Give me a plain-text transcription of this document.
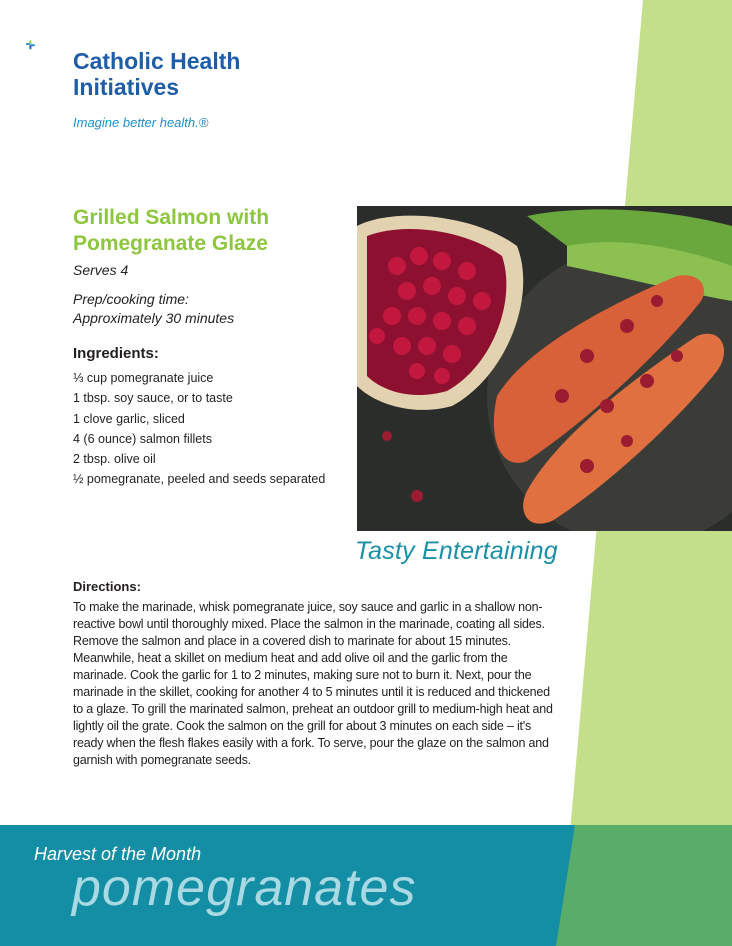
Catholic Health
Initiatives
Imagine better health.®
Grilled Salmon with Pomegranate Glaze
Serves 4
Prep/cooking time:
Approximately 30 minutes
Ingredients:
⅓ cup pomegranate juice
1 tbsp. soy sauce, or to taste
1 clove garlic, sliced
4 (6 ounce) salmon fillets
2 tbsp. olive oil
½ pomegranate, peeled and seeds separated
Tasty Entertaining
Directions:

To make the marinade, whisk pomegranate juice, soy sauce and garlic in a shallow non-reactive bowl until thoroughly mixed. Place the salmon in the marinade, coating all sides. Remove the salmon and place in a covered dish to marinate for about 15 minutes. Meanwhile, heat a skillet on medium heat and add olive oil and the garlic from the marinade. Cook the garlic for 1 to 2 minutes, making sure not to burn it. Next, pour the marinade in the skillet, cooking for another 4 to 5 minutes until it is reduced and thickened to a glaze. To grill the marinated salmon, preheat an outdoor grill to medium-high heat and lightly oil the grate. Cook the salmon on the grill for about 3 minutes on each side – it's ready when the flesh flakes easily with a fork. To serve, pour the glaze on the salmon and garnish with pomegranate seeds.

Harvest of the Month
pomegranates
